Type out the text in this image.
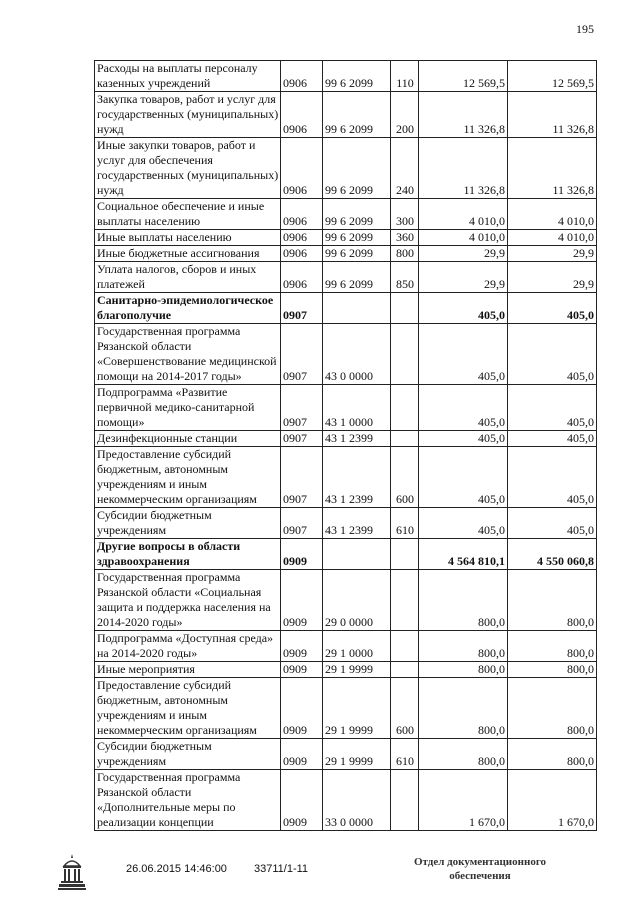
195
Расходы на выплаты персоналу казенных учреждений	0906	99 6 2099	110	12 569,5	12 569,5
Закупка товаров, работ и услуг для государственных (муниципальных) нужд	0906	99 6 2099	200	11 326,8	11 326,8
Иные закупки товаров, работ и услуг для обеспечения государственных (муниципальных) нужд	0906	99 6 2099	240	11 326,8	11 326,8
Социальное обеспечение и иные выплаты населению	0906	99 6 2099	300	4 010,0	4 010,0
Иные выплаты населению	0906	99 6 2099	360	4 010,0	4 010,0
Иные бюджетные ассигнования	0906	99 6 2099	800	29,9	29,9
Уплата налогов, сборов и иных платежей	0906	99 6 2099	850	29,9	29,9
Санитарно-эпидемиологическое благополучие	0907			405,0	405,0
Государственная программа Рязанской области «Совершенствование медицинской помощи на 2014-2017 годы»	0907	43 0 0000		405,0	405,0
Подпрограмма «Развитие первичной медико-санитарной помощи»	0907	43 1 0000		405,0	405,0
Дезинфекционные станции	0907	43 1 2399		405,0	405,0
Предоставление субсидий бюджетным, автономным учреждениям и иным некоммерческим организациям	0907	43 1 2399	600	405,0	405,0
Субсидии бюджетным учреждениям	0907	43 1 2399	610	405,0	405,0
Другие вопросы в области здравоохранения	0909			4 564 810,1	4 550 060,8
Государственная программа Рязанской области «Социальная защита и поддержка населения на 2014-2020 годы»	0909	29 0 0000		800,0	800,0
Подпрограмма «Доступная среда» на 2014-2020 годы»	0909	29 1 0000		800,0	800,0
Иные мероприятия	0909	29 1 9999		800,0	800,0
Предоставление субсидий бюджетным, автономным учреждениям и иным некоммерческим организациям	0909	29 1 9999	600	800,0	800,0
Субсидии бюджетным учреждениям	0909	29 1 9999	610	800,0	800,0
Государственная программа Рязанской области «Дополнительные меры по реализации концепции	0909	33 0 0000		1 670,0	1 670,0
26.06.2015 14:46:00 33711/1-11
Отдел документационного
обеспечения
